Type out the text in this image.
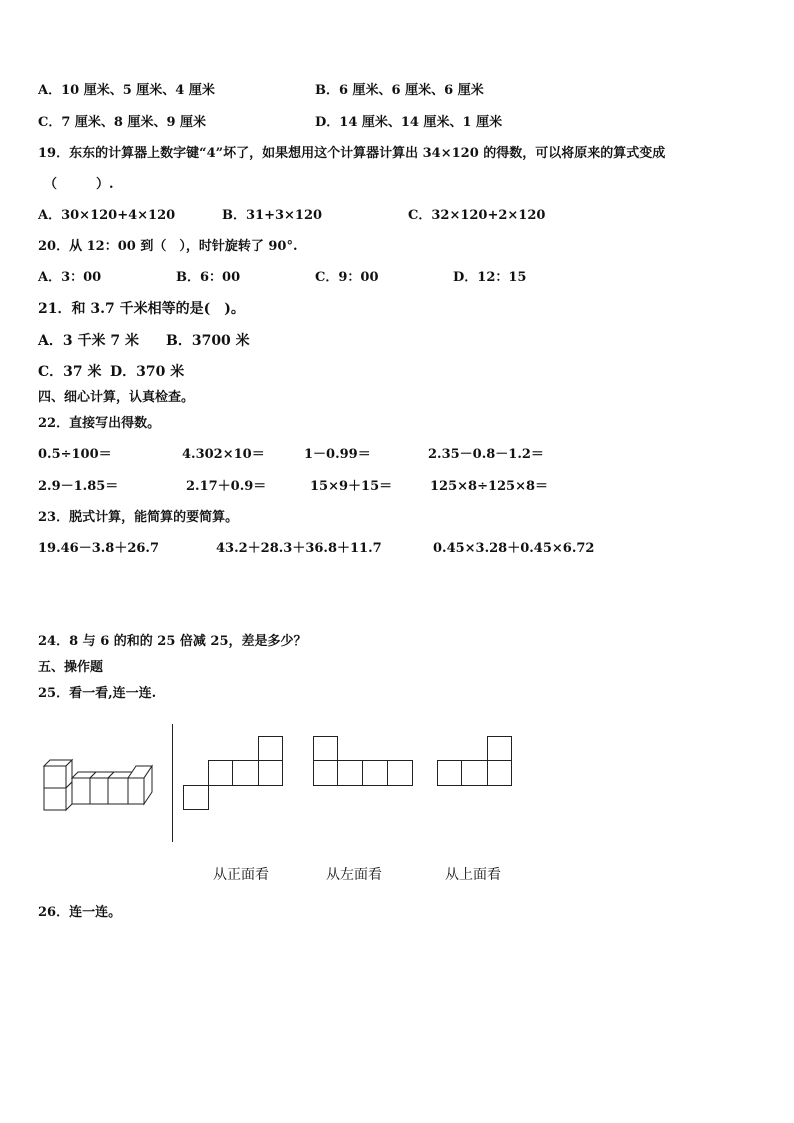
A．10 厘米、5 厘米、4 厘米	B．6 厘米、6 厘米、6 厘米
C．7 厘米、8 厘米、9 厘米	D．14 厘米、14 厘米、1 厘米
19．东东的计算器上数字键“4”坏了，如果想用这个计算器计算出 34×120 的得数，可以将原来的算式变成
（　　　）.
A．30×120+4×120	B．31+3×120	C．32×120+2×120
20．从 12：00 到（　），时针旋转了 90°.
A．3：00	B．6：00	C．9：00	D．12：15
21．和 3.7 千米相等的是(　)。
A．3 千米 7 米 B．3700 米
C．37 米 D．370 米
四、细心计算，认真检查。
22．直接写出得数。
0.5÷100＝	4.302×10＝	1－0.99＝	2.35－0.8－1.2＝
2.9－1.85＝	2.17＋0.9＝	15×9＋15＝	125×8÷125×8＝
23．脱式计算，能简算的要简算。
19.46－3.8＋26.7	43.2＋28.3＋36.8＋11.7	0.45×3.28＋0.45×6.72
24．8 与 6 的和的 25 倍减 25，差是多少？
五、操作题
25．看一看,连一连.
从正面看	从左面看	从上面看
26．连一连。
